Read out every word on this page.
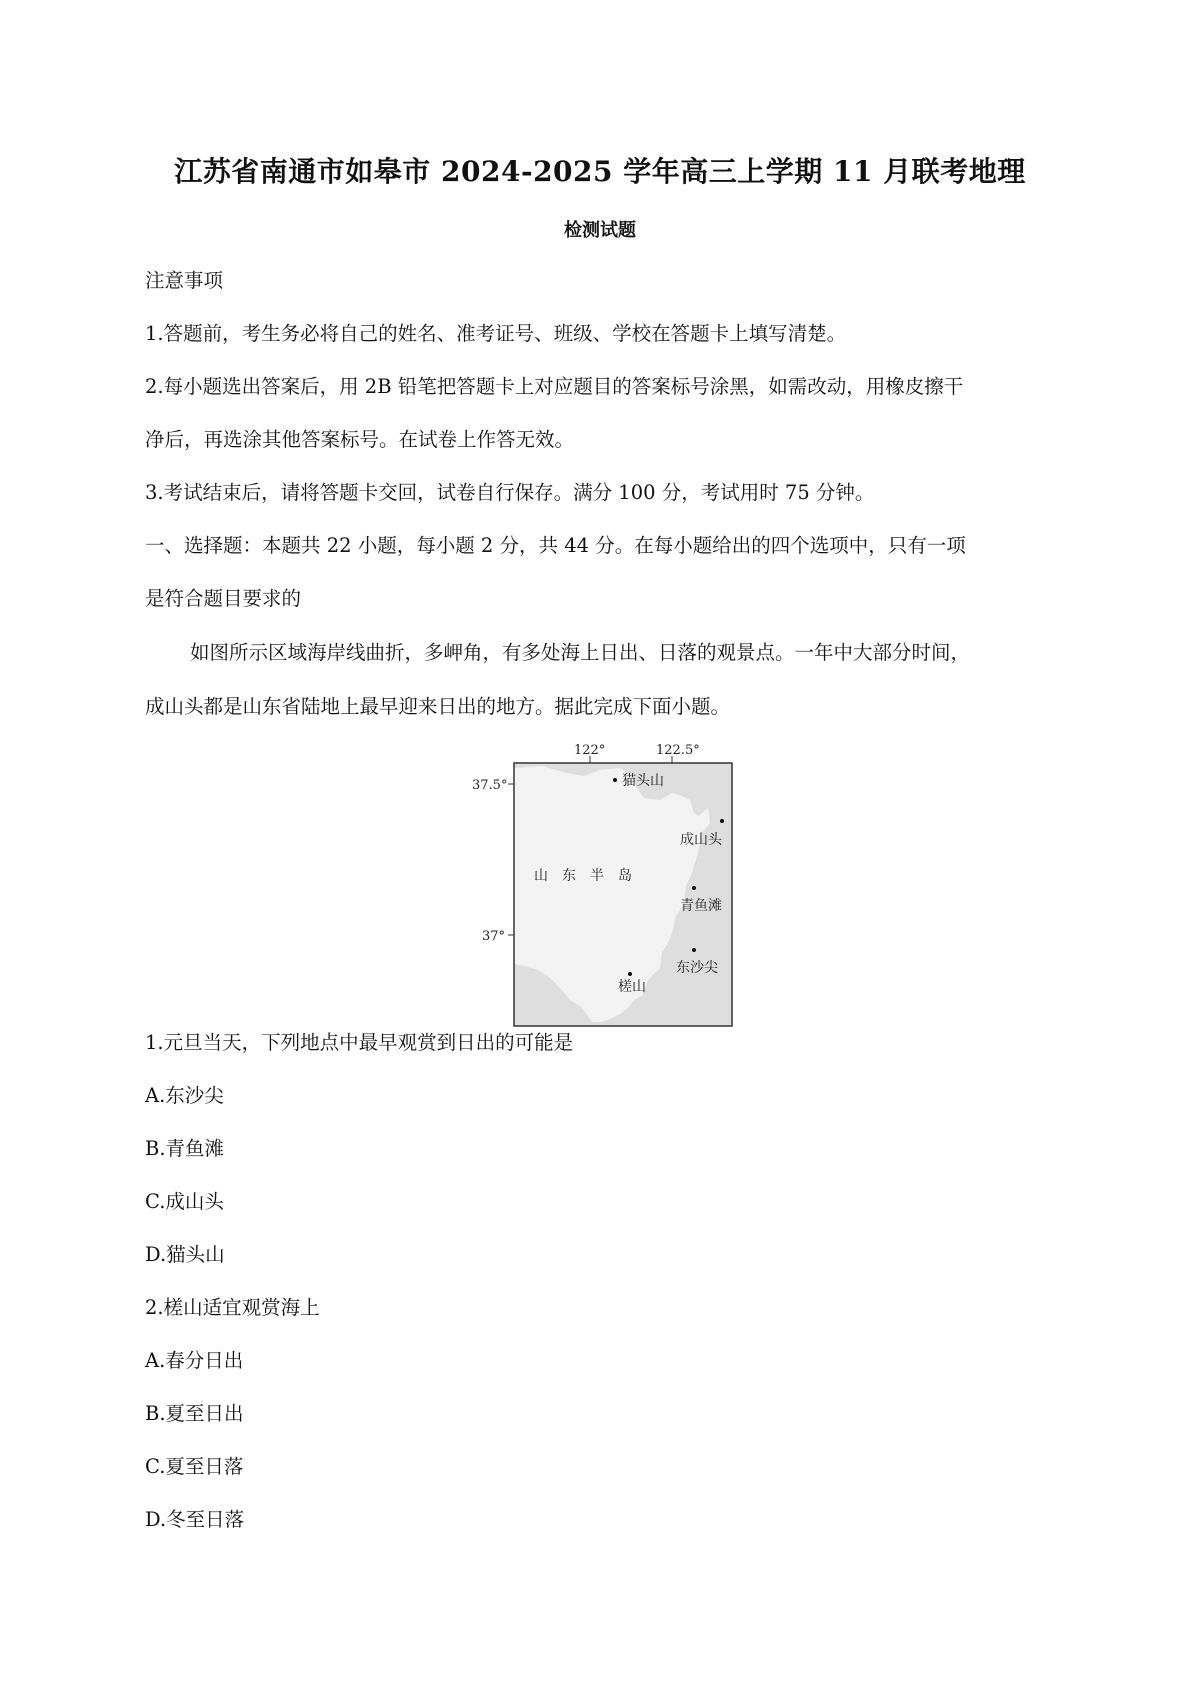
江苏省南通市如皋市 2024-2025 学年高三上学期 11 月联考地理
检测试题
注意事项
1.答题前，考生务必将自己的姓名、准考证号、班级、学校在答题卡上填写清楚。
2.每小题选出答案后，用 2B 铅笔把答题卡上对应题目的答案标号涂黑，如需改动，用橡皮擦干
净后，再选涂其他答案标号。在试卷上作答无效。
3.考试结束后，请将答题卡交回，试卷自行保存。满分 100 分，考试用时 75 分钟。
一、选择题：本题共 22 小题，每小题 2 分，共 44 分。在每小题给出的四个选项中，只有一项
是符合题目要求的
如图所示区域海岸线曲折，多岬角，有多处海上日出、日落的观景点。一年中大部分时间，
成山头都是山东省陆地上最早迎来日出的地方。据此完成下面小题。
122°	122.5°
37.5°
37°
山　东　半　岛
猫头山
成山头
青鱼滩
东沙尖
槎山
1.元旦当天，下列地点中最早观赏到日出的可能是
A.东沙尖
B.青鱼滩
C.成山头
D.猫头山
2.槎山适宜观赏海上
A.春分日出
B.夏至日出
C.夏至日落
D.冬至日落
